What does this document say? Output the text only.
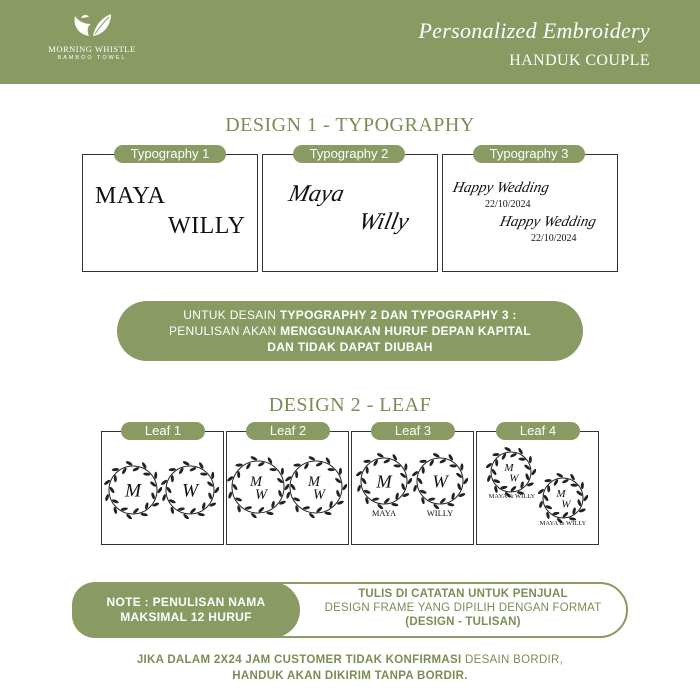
MORNING WHISTLE
BAMBOO TOWEL
Personalized Embroidery
HANDUK COUPLE
DESIGN 1 - TYPOGRAPHY
MAYA
WILLY
Typography 1
Maya
Willy
Typography 2
Happy Wedding
22/10/2024
Happy Wedding
22/10/2024
Typography 3
UNTUK DESAIN TYPOGRAPHY 2 DAN TYPOGRAPHY 3 :
PENULISAN AKAN MENGGUNAKAN HURUF DEPAN KAPITAL
DAN TIDAK DAPAT DIUBAH
DESIGN 2 - LEAF
Leaf 1	Leaf 2	Leaf 3	Leaf 4
M W	M
W
M
W
M W
M
W
M
W
MAYA	WILLY
MAYA & WILLY
MAYA & WILLY
NOTE : PENULISAN NAMA
MAKSIMAL 12 HURUF
TULIS DI CATATAN UNTUK PENJUAL
DESIGN FRAME YANG DIPILIH DENGAN FORMAT
(DESIGN - TULISAN)
JIKA DALAM 2X24 JAM CUSTOMER TIDAK KONFIRMASI DESAIN BORDIR,
HANDUK AKAN DIKIRIM TANPA BORDIR.
